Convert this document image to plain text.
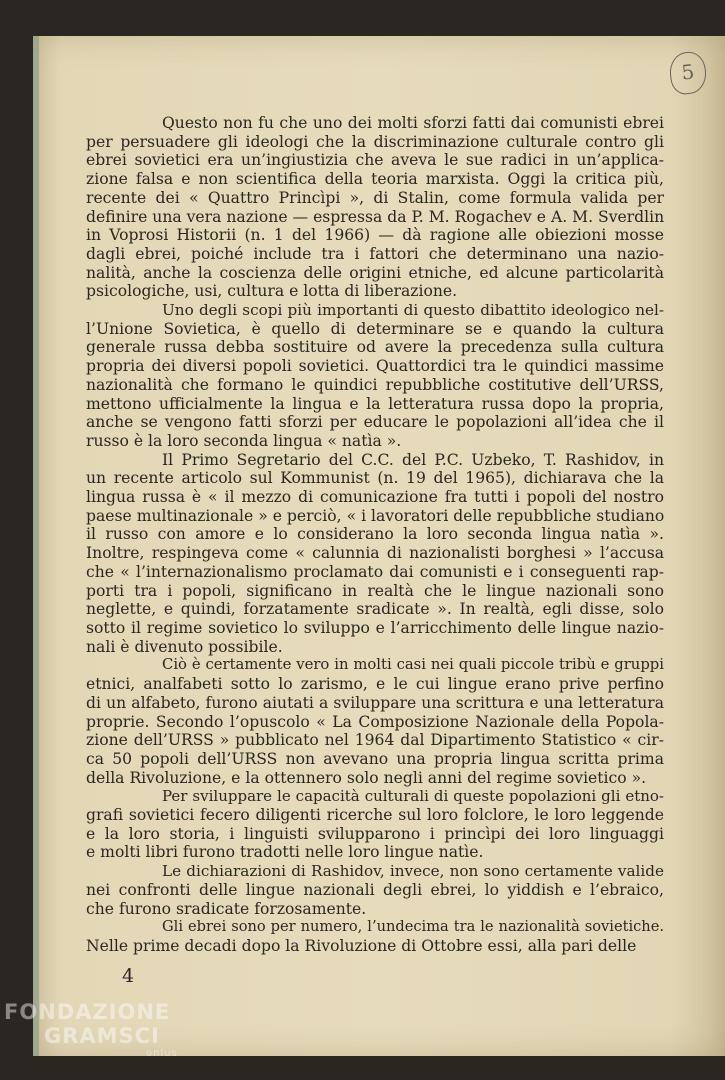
5

Questo non fu che uno dei molti sforzi fatti dai comunisti ebrei
per persuadere gli ideologi che la discriminazione culturale contro gli
ebrei sovietici era un’ingiustizia che aveva le sue radici in un’applica-
zione falsa e non scientifica della teoria marxista. Oggi la critica più,
recente dei « Quattro Princìpi », di Stalin, come formula valida per
definire una vera nazione — espressa da P. M. Rogachev e A. M. Sverdlin
in Voprosi Historii (n. 1 del 1966) — dà ragione alle obiezioni mosse
dagli ebrei, poiché include tra i fattori che determinano una nazio-
nalità, anche la coscienza delle origini etniche, ed alcune particolarità
psicologiche, usi, cultura e lotta di liberazione.

Uno degli scopi più importanti di questo dibattito ideologico nel-
l’Unione Sovietica, è quello di determinare se e quando la cultura
generale russa debba sostituire od avere la precedenza sulla cultura
propria dei diversi popoli sovietici. Quattordici tra le quindici massime
nazionalità che formano le quindici repubbliche costitutive dell’URSS,
mettono ufficialmente la lingua e la letteratura russa dopo la propria,
anche se vengono fatti sforzi per educare le popolazioni all’idea che il
russo è la loro seconda lingua « natìa ».

Il Primo Segretario del C.C. del P.C. Uzbeko, T. Rashidov, in
un recente articolo sul Kommunist (n. 19 del 1965), dichiarava che la
lingua russa è « il mezzo di comunicazione fra tutti i popoli del nostro
paese multinazionale » e perciò, « i lavoratori delle repubbliche studiano
il russo con amore e lo considerano la loro seconda lingua natìa ».
Inoltre, respingeva come « calunnia di nazionalisti borghesi » l’accusa
che « l’internazionalismo proclamato dai comunisti e i conseguenti rap-
porti tra i popoli, significano in realtà che le lingue nazionali sono
neglette, e quindi, forzatamente sradicate ». In realtà, egli disse, solo
sotto il regime sovietico lo sviluppo e l’arricchimento delle lingue nazio-
nali è divenuto possibile.

Ciò è certamente vero in molti casi nei quali piccole tribù e gruppi
etnici, analfabeti sotto lo zarismo, e le cui lingue erano prive perfino
di un alfabeto, furono aiutati a sviluppare una scrittura e una letteratura
proprie. Secondo l’opuscolo « La Composizione Nazionale della Popola-
zione dell’URSS » pubblicato nel 1964 dal Dipartimento Statistico « cir-
ca 50 popoli dell’URSS non avevano una propria lingua scritta prima
della Rivoluzione, e la ottennero solo negli anni del regime sovietico ».

Per sviluppare le capacità culturali di queste popolazioni gli etno-
grafi sovietici fecero diligenti ricerche sul loro folclore, le loro leggende
e la loro storia, i linguisti svilupparono i princìpi dei loro linguaggi
e molti libri furono tradotti nelle loro lingue natìe.

Le dichiarazioni di Rashidov, invece, non sono certamente valide
nei confronti delle lingue nazionali degli ebrei, lo yiddish e l’ebraico,
che furono sradicate forzosamente.

Gli ebrei sono per numero, l’undecima tra le nazionalità sovietiche.
Nelle prime decadi dopo la Rivoluzione di Ottobre essi, alla pari delle

4
FONDAZIONE
GRAMSCI
onlus
